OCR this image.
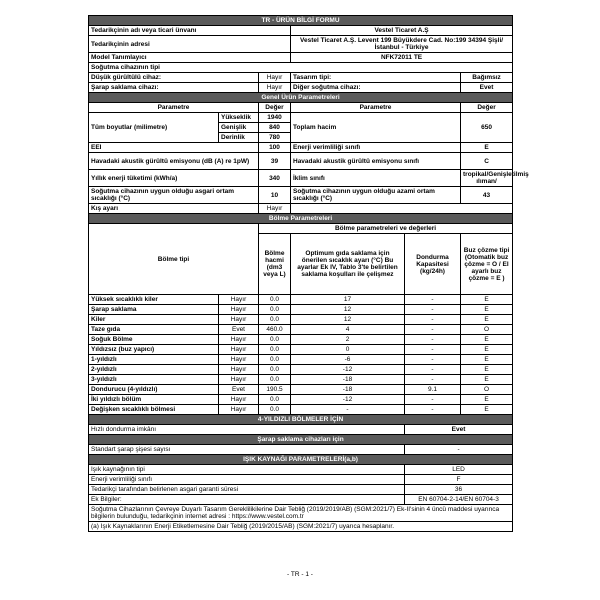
TR - ÜRÜN BİLGİ FORMU					
Tedarikçinin adı veya ticari ünvanı			Vestel Ticaret A.Ş		
Tedarikçinin adresi			Vestel Ticaret A.Ş. Levent 199 Büyükdere Cad. No:199 34394 Şişli/İstanbul - Türkiye		
Model Tanımlayıcı			NFK72011 TE		
Soğutma cihazının tipi					
Düşük gürültülü cihaz:		Hayır	Tasarım tipi:		Bağımsız
Şarap saklama cihazı:		Hayır	Diğer soğutma cihazı:		Evet
Genel Ürün Parametreleri					
Parametre		Değer	Parametre		Değer
Tüm boyutlar (milimetre)	Yükseklik	1940	Toplam hacim		650
	Genişlik	840			
	Derinlik	780			
EEI		100	Enerji verimliliği sınıfı		E
Havadaki akustik gürültü emisyonu (dB (A) re 1pW)		39	Havadaki akustik gürültü emisyonu sınıfı		C
Yıllık enerji tüketimi (kWh/a)		340	İklim sınıfı		tropikal/Genişletilmiş ılıman/
Soğutma cihazının uygun olduğu asgari ortam sıcaklığı (°C)		10	Soğutma cihazının uygun olduğu azami ortam sıcaklığı (°C)		43
Kış ayarı		Hayır			
Bölme Parametreleri					
Bölme tipi		Bölme parametreleri ve değerleri			
		Bölme hacmi (dm3 veya L)	Optimum gıda saklama için önerilen sıcaklık ayarı (°C) Bu ayarlar Ek IV, Tablo 3'te belirtilen saklama koşulları ile çelişmez	Dondurma Kapasitesi (kg/24h)	Buz çözme tipi (Otomatik buz çözme = O / El ayarlı buz çözme = E )
Yüksek sıcaklıklı kiler	Hayır	0.0	17	-	E
Şarap saklama	Hayır	0.0	12	-	E
Kiler	Hayır	0.0	12	-	E
Taze gıda	Evet	460.0	4	-	O
Soğuk Bölme	Hayır	0.0	2	-	E
Yıldızsız (buz yapıcı)	Hayır	0.0	0	-	E
1-yıldızlı	Hayır	0.0	-6	-	E
2-yıldızlı	Hayır	0.0	-12	-	E
3-yıldızlı	Hayır	0.0	-18	-	E
Dondurucu (4-yıldızlı)	Evet	190.5	-18	9.1	O
İki yıldızlı bölüm	Hayır	0.0	-12	-	E
Değişken sıcaklıklı bölmesi	Hayır	0.0	-	-	E
4-YILDIZLI BÖLMELER İÇİN					
Hızlı dondurma imkânı				Evet	
Şarap saklama cihazları için					
Standart şarap şişesi sayısı				-	
IŞIK KAYNAĞI PARAMETRELERİ(a,b)					
Işık kaynağının tipi				LED	
Enerji verimliliği sınıfı				F	
Tedarikçi tarafından belirlenen asgari garanti süresi				36	
Ek Bilgiler:				EN 60704-2-14/EN 60704-3	
Soğutma Cihazlarının Çevreye Duyarlı Tasarım Gereklilikilerine Dair Tebliğ (2019/2019/AB) (SGM:2021/7) Ek-II'sinin 4 üncü maddesi uyarınca bilgilerin bulunduğu, tedarikçinin internet adresi : https://www.vestel.com.tr					
(a) Işık Kaynaklarının Enerji Etiketlemesine Dair Tebliğ (2019/2015/AB) (SGM:2021/7) uyarıca hesaplanır.					
- TR - 1 -
